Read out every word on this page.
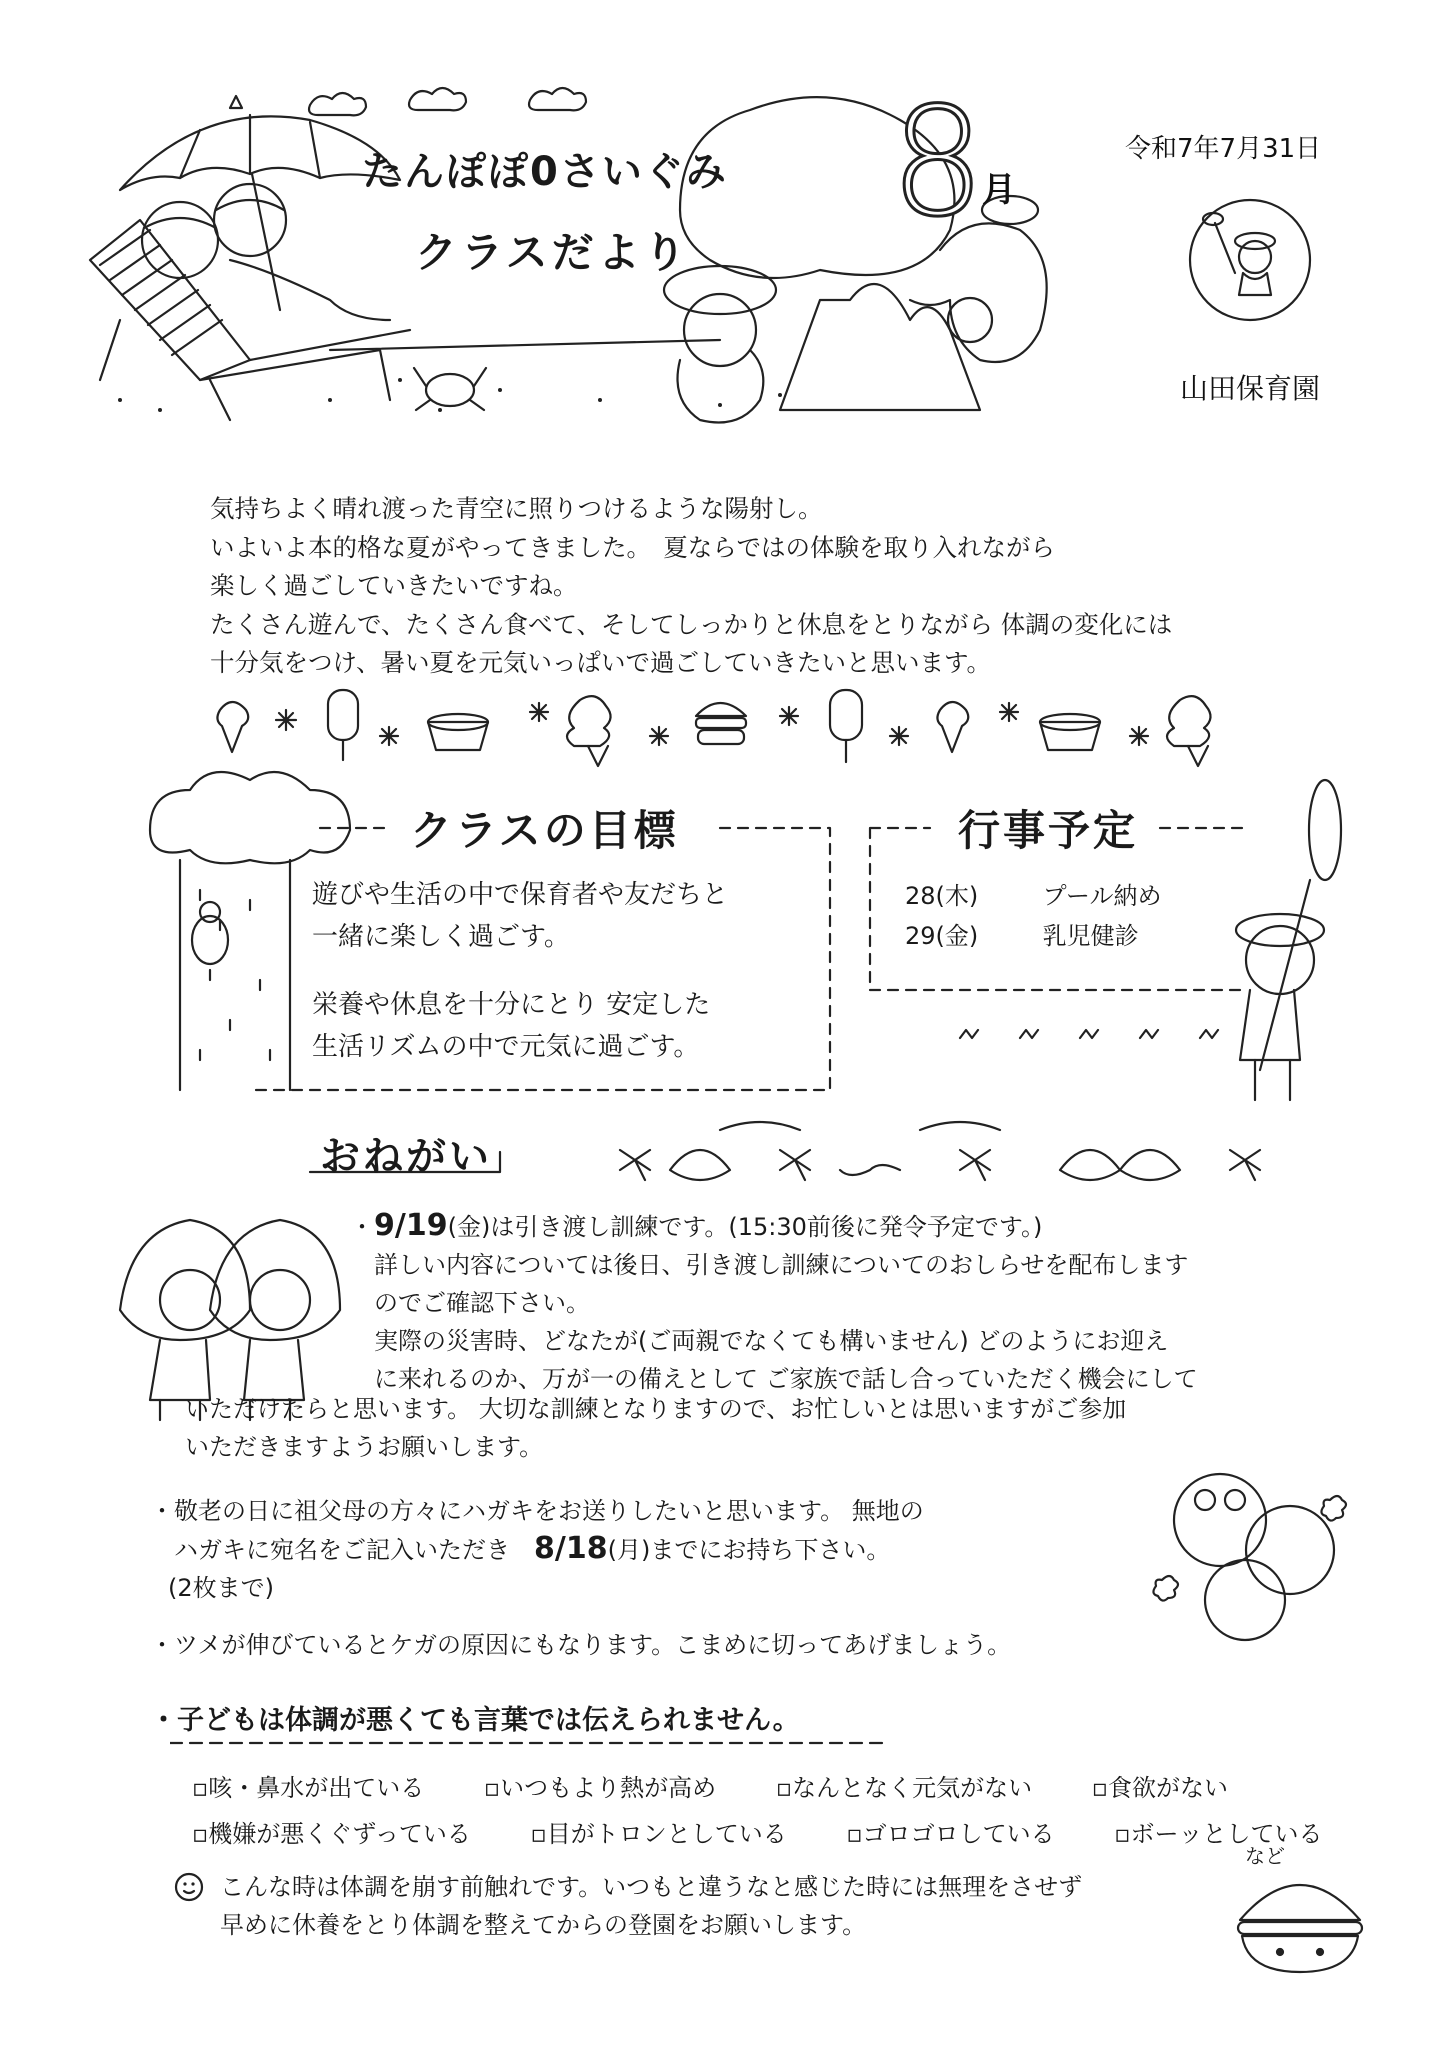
8
月
たんぽぽ0さいぐみ
クラスだより
令和7年7月31日
山田保育園
気持ちよく晴れ渡った青空に照りつけるような陽射し。
いよいよ本的格な夏がやってきました。　夏ならではの体験を取り入れながら
楽しく過ごしていきたいですね。
たくさん遊んで、たくさん食べて、そしてしっかりと休息をとりながら 体調の変化には
十分気をつけ、暑い夏を元気いっぱいで過ごしていきたいと思います。
クラスの目標
遊びや生活の中で保育者や友だちと
一緒に楽しく過ごす。
栄養や休息を十分にとり 安定した
生活リズムの中で元気に過ごす。
行事予定
28(木)	プール納め
29(金)	乳児健診
おねがい
・9/19(金)は引き渡し訓練です。(15:30前後に発令予定です。)
詳しい内容については後日、引き渡し訓練についてのおしらせを配布します
のでご確認下さい。
実際の災害時、どなたが(ご両親でなくても構いません) どのようにお迎え
に来れるのか、万が一の備えとして ご家族で話し合っていただく機会にして
いただけたらと思います。 大切な訓練となりますので、お忙しいとは思いますがご参加
いただきますようお願いします。
・敬老の日に祖父母の方々にハガキをお送りしたいと思います。 無地の
ハガキに宛名をご記入いただき　 8/18(月)までにお持ち下さい。
(2枚まで)
・ツメが伸びているとケガの原因にもなります。こまめに切ってあげましょう。
・子どもは体調が悪くても言葉では伝えられません。
▫咳・鼻水が出ている ▫いつもより熱が高め ▫なんとなく元気がない ▫食欲がない
▫機嫌が悪くぐずっている ▫目がトロンとしている ▫ゴロゴロしている ▫ボーッとしている
など
こんな時は体調を崩す前触れです。いつもと違うなと感じた時には無理をさせず
早めに休養をとり体調を整えてからの登園をお願いします。
